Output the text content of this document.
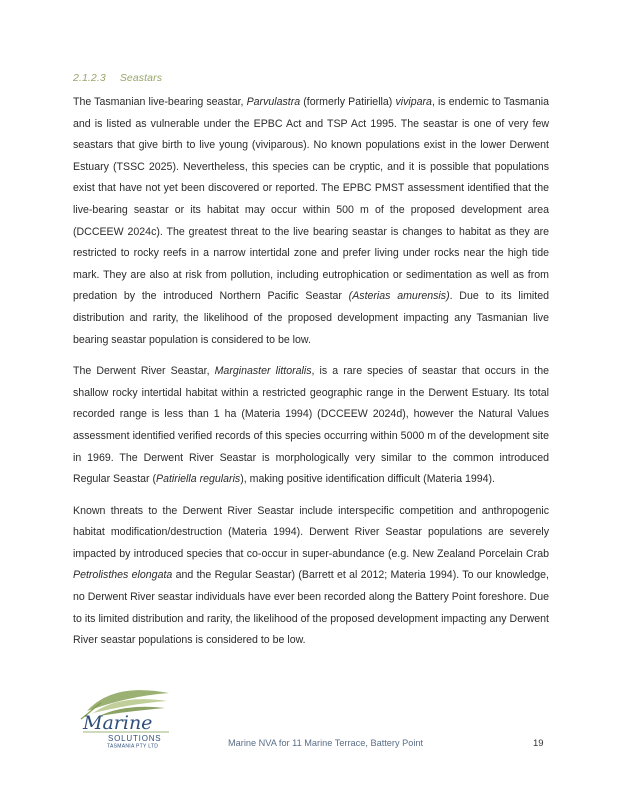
2.1.2.3 Seastars

The Tasmanian live-bearing seastar, Parvulastra (formerly Patiriella) vivipara, is endemic to Tasmania and is listed as vulnerable under the EPBC Act and TSP Act 1995. The seastar is one of very few seastars that give birth to live young (viviparous). No known populations exist in the lower Derwent Estuary (TSSC 2025). Nevertheless, this species can be cryptic, and it is possible that populations exist that have not yet been discovered or reported. The EPBC PMST assessment identified that the live-bearing seastar or its habitat may occur within 500 m of the proposed development area (DCCEEW 2024c). The greatest threat to the live bearing seastar is changes to habitat as they are restricted to rocky reefs in a narrow intertidal zone and prefer living under rocks near the high tide mark. They are also at risk from pollution, including eutrophication or sedimentation as well as from predation by the introduced Northern Pacific Seastar (Asterias amurensis). Due to its limited distribution and rarity, the likelihood of the proposed development impacting any Tasmanian live bearing seastar population is considered to be low.

The Derwent River Seastar, Marginaster littoralis, is a rare species of seastar that occurs in the shallow rocky intertidal habitat within a restricted geographic range in the Derwent Estuary. Its total recorded range is less than 1 ha (Materia 1994) (DCCEEW 2024d), however the Natural Values assessment identified verified records of this species occurring within 5000 m of the development site in 1969. The Derwent River Seastar is morphologically very similar to the common introduced Regular Seastar (Patiriella regularis), making positive identification difficult (Materia 1994).

Known threats to the Derwent River Seastar include interspecific competition and anthropogenic habitat modification/destruction (Materia 1994). Derwent River Seastar populations are severely impacted by introduced species that co-occur in super-abundance (e.g. New Zealand Porcelain Crab Petrolisthes elongata and the Regular Seastar) (Barrett et al 2012; Materia 1994). To our knowledge, no Derwent River seastar individuals have ever been recorded along the Battery Point foreshore. Due to its limited distribution and rarity, the likelihood of the proposed development impacting any Derwent River seastar populations is considered to be low.

Marine
SOLUTIONS
TASMANIA PTY LTD	Marine NVA for 11 Marine Terrace, Battery Point	19
